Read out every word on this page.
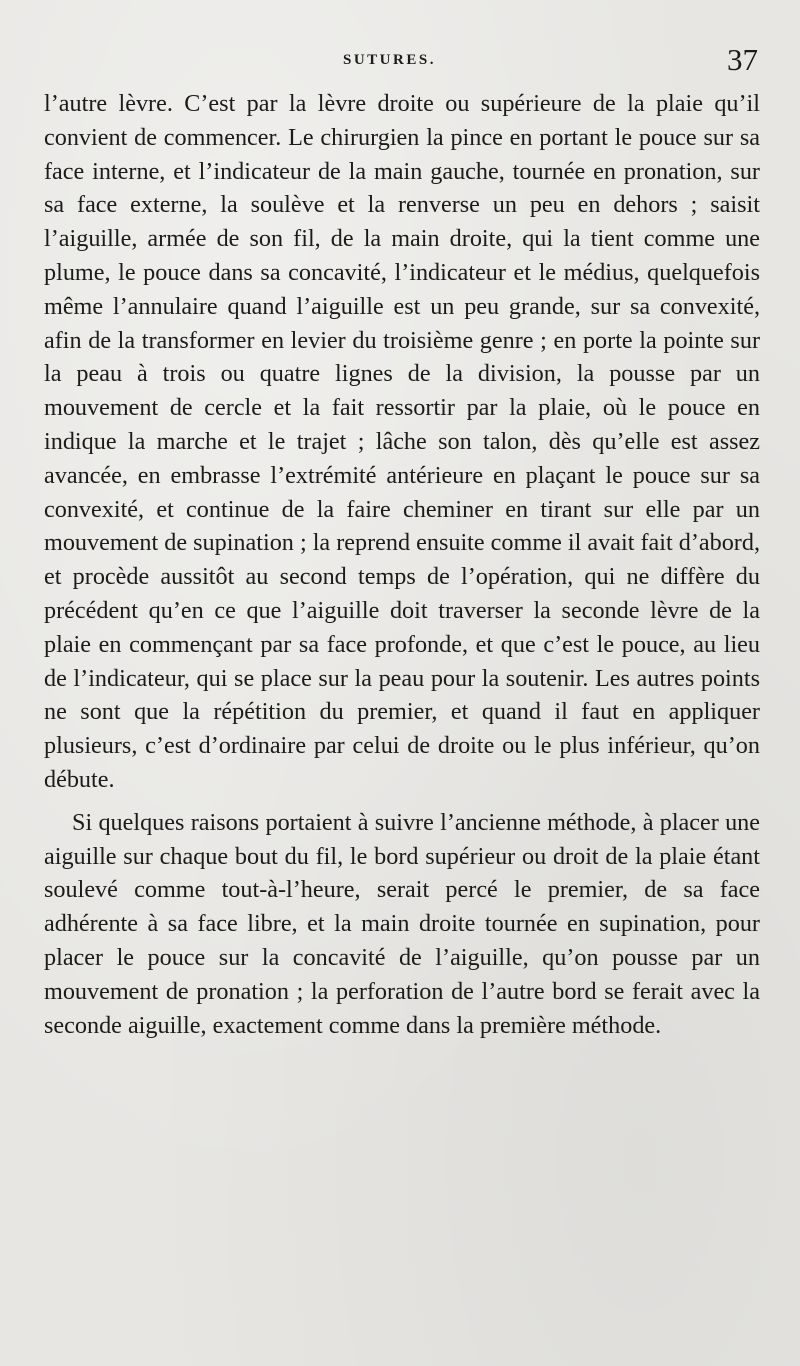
SUTURES.	37

l’autre lèvre. C’est par la lèvre droite ou supérieure de la plaie qu’il convient de commencer. Le chirurgien la pince en portant le pouce sur sa face interne, et l’indicateur de la main gauche, tournée en pronation, sur sa face externe, la soulève et la renverse un peu en dehors ; saisit l’aiguille, armée de son fil, de la main droite, qui la tient comme une plume, le pouce dans sa concavité, l’indicateur et le médius, quelquefois même l’annulaire quand l’aiguille est un peu grande, sur sa convexité, afin de la transformer en levier du troisième genre ; en porte la pointe sur la peau à trois ou quatre lignes de la division, la pousse par un mouvement de cercle et la fait ressortir par la plaie, où le pouce en indique la marche et le trajet ; lâche son talon, dès qu’elle est assez avancée, en embrasse l’extrémité antérieure en plaçant le pouce sur sa convexité, et continue de la faire cheminer en tirant sur elle par un mouvement de supination ; la reprend ensuite comme il avait fait d’abord, et procède aussitôt au second temps de l’opération, qui ne diffère du précédent qu’en ce que l’aiguille doit traverser la seconde lèvre de la plaie en commençant par sa face profonde, et que c’est le pouce, au lieu de l’indicateur, qui se place sur la peau pour la soutenir. Les autres points ne sont que la répétition du premier, et quand il faut en appliquer plusieurs, c’est d’ordinaire par celui de droite ou le plus inférieur, qu’on débute.

Si quelques raisons portaient à suivre l’ancienne méthode, à placer une aiguille sur chaque bout du fil, le bord supérieur ou droit de la plaie étant soulevé comme tout-à-l’heure, serait percé le premier, de sa face adhérente à sa face libre, et la main droite tournée en supination, pour placer le pouce sur la concavité de l’aiguille, qu’on pousse par un mouvement de pronation ; la perforation de l’autre bord se ferait avec la seconde aiguille, exactement comme dans la première méthode.
